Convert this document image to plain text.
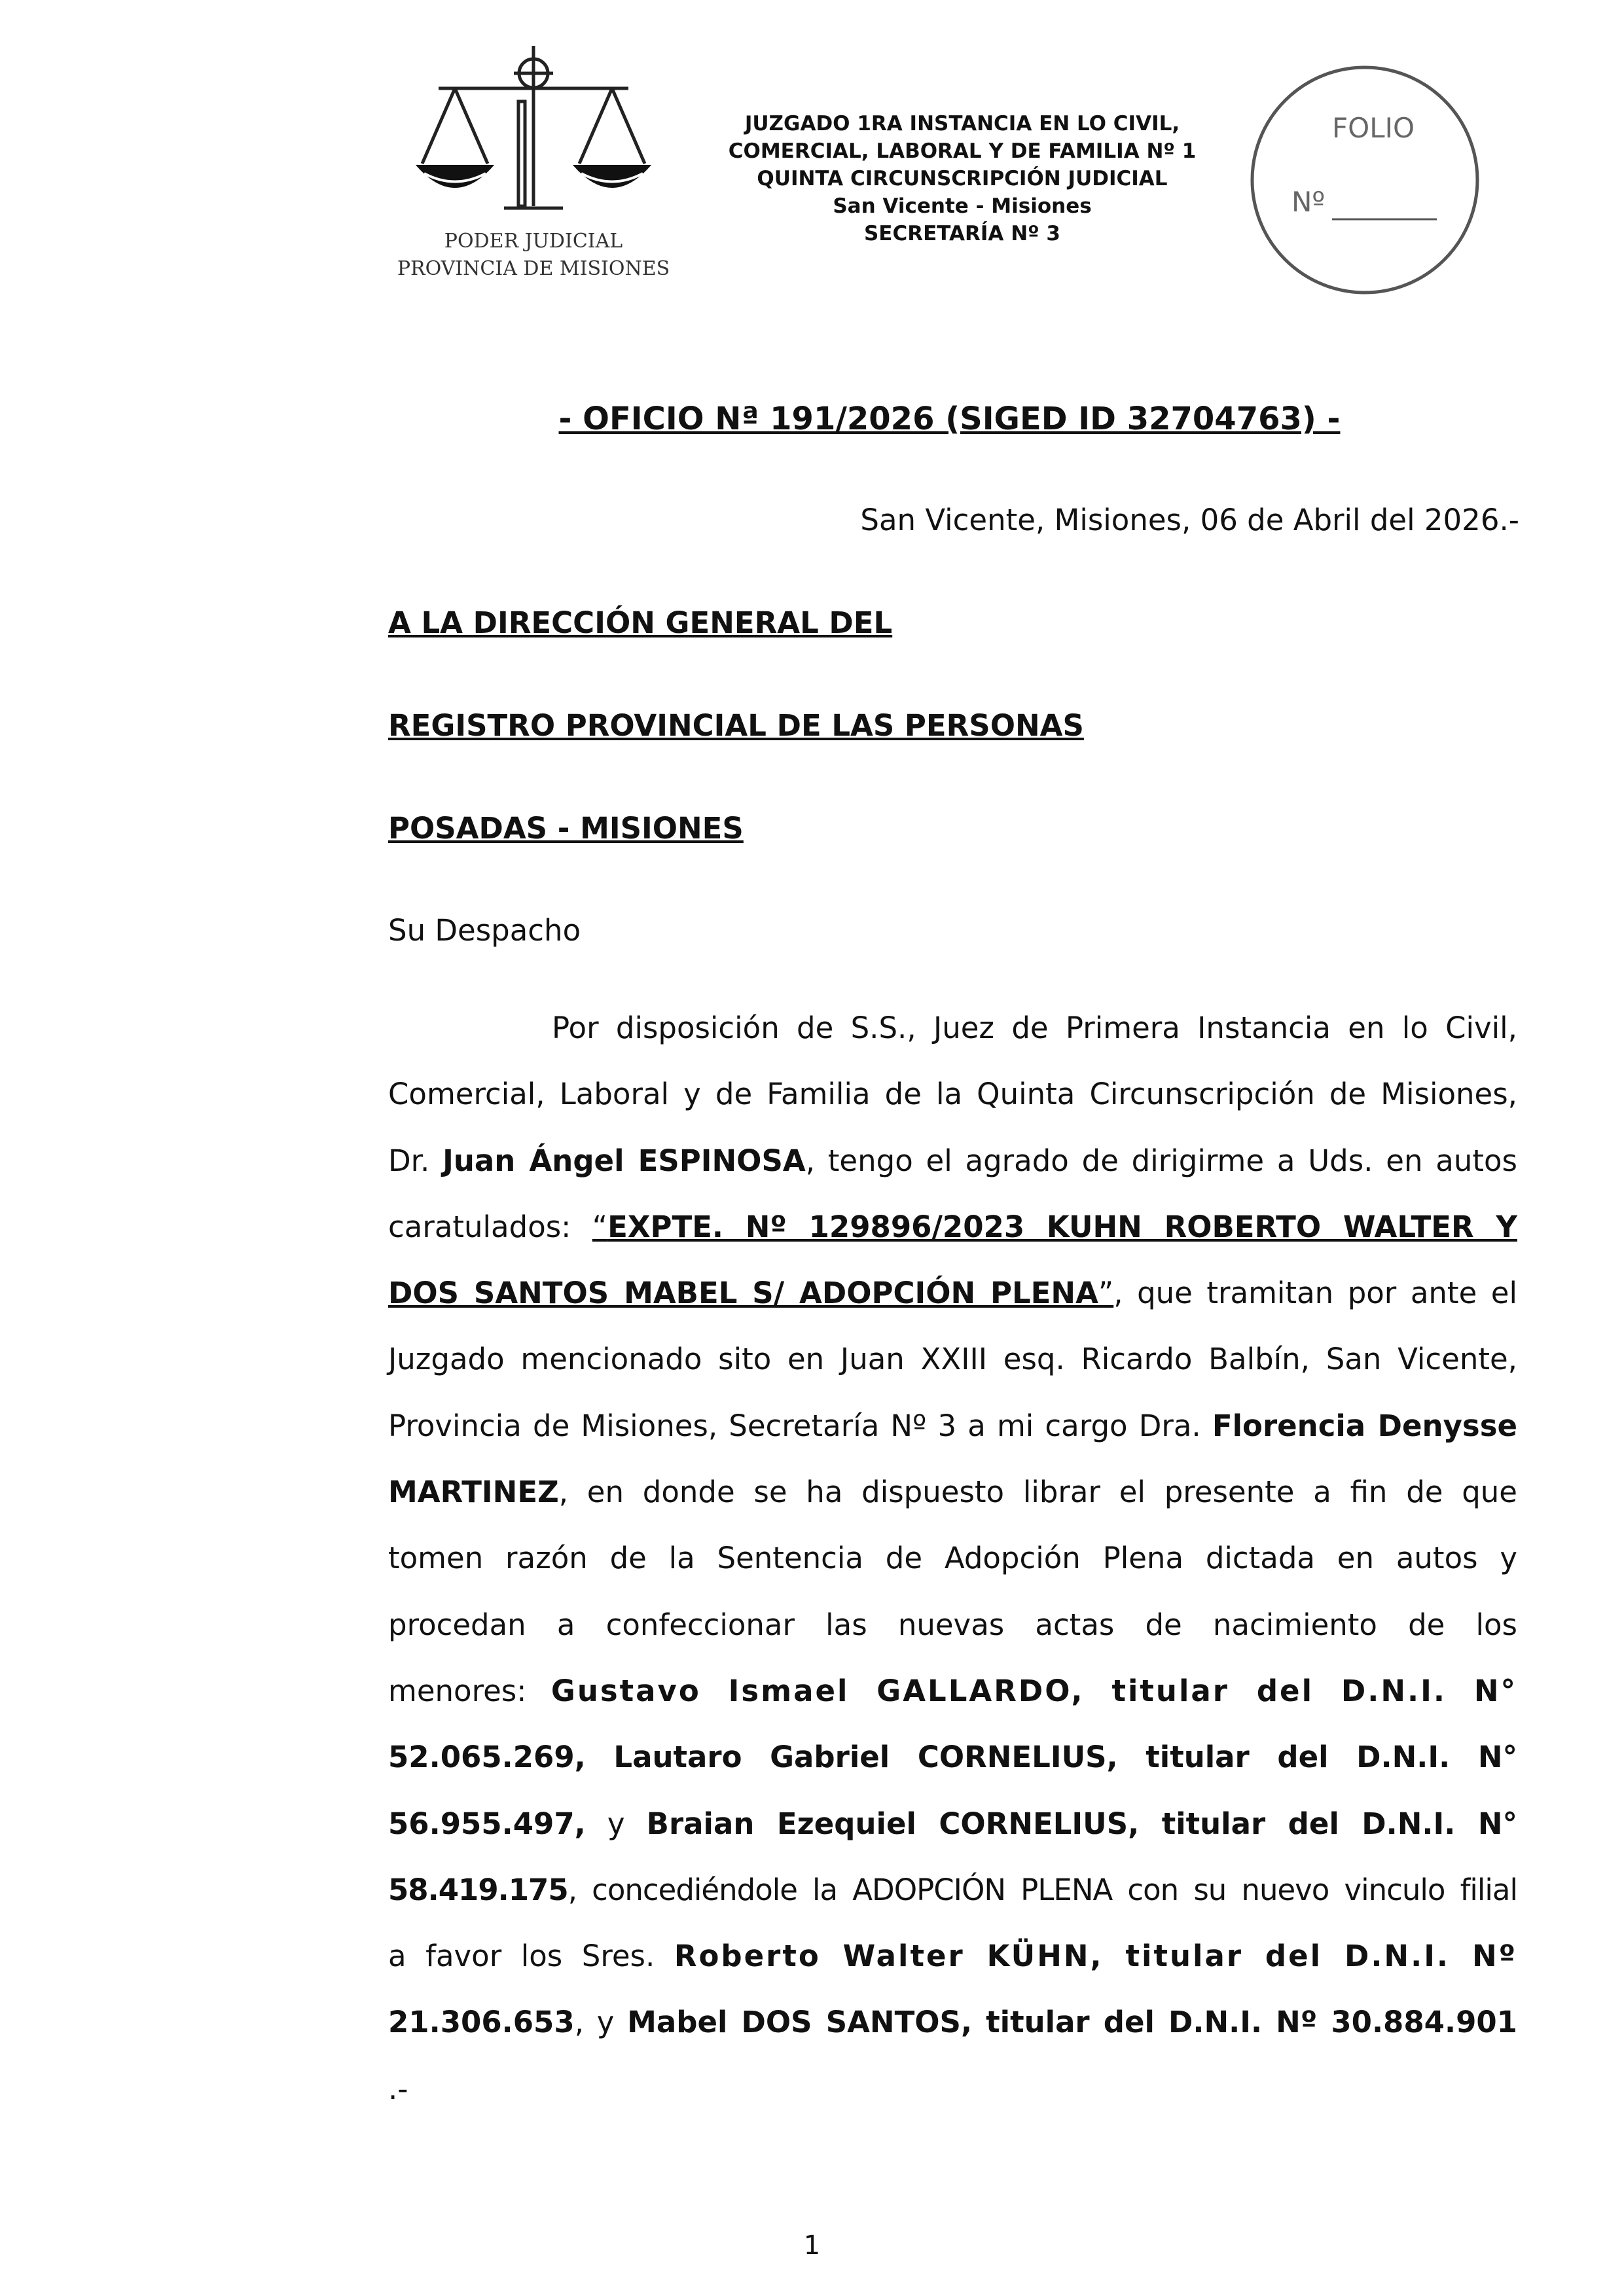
PODER JUDICIAL
PROVINCIA DE MISIONES
JUZGADO 1RA INSTANCIA EN LO CIVIL,
COMERCIAL, LABORAL Y DE FAMILIA Nº 1
QUINTA CIRCUNSCRIPCIÓN JUDICIAL
San Vicente - Misiones
SECRETARÍA Nº 3
FOLIO
Nº
- OFICIO Nª 191/2026 (SIGED ID 32704763) -
San Vicente, Misiones, 06 de Abril del 2026.-
A LA DIRECCIÓN GENERAL DEL
REGISTRO PROVINCIAL DE LAS PERSONAS
POSADAS - MISIONES
Su Despacho
Por disposición de S.S., Juez de Primera Instancia en lo Civil,
Comercial, Laboral y de Familia de la Quinta Circunscripción de Misiones,
Dr. Juan Ángel ESPINOSA, tengo el agrado de dirigirme a Uds. en autos
caratulados: “EXPTE. Nº 129896/2023 KUHN ROBERTO WALTER Y
DOS SANTOS MABEL S/ ADOPCIÓN PLENA”, que tramitan por ante el
Juzgado mencionado sito en Juan XXIII esq. Ricardo Balbín, San Vicente,
Provincia de Misiones, Secretaría Nº 3 a mi cargo Dra. Florencia Denysse
MARTINEZ, en donde se ha dispuesto librar el presente a fin de que
tomen razón de la Sentencia de Adopción Plena dictada en autos y
procedan a confeccionar las nuevas actas de nacimiento de los
menores: Gustavo Ismael GALLARDO, titular del D.N.I. N°
52.065.269, Lautaro Gabriel CORNELIUS, titular del D.N.I. N°
56.955.497, y Braian Ezequiel CORNELIUS, titular del D.N.I. N°
58.419.175, concediéndole la ADOPCIÓN PLENA con su nuevo vinculo filial
a favor los Sres. Roberto Walter KÜHN, titular del D.N.I. Nº
21.306.653, y Mabel DOS SANTOS, titular del D.N.I. Nº 30.884.901
.-
1
